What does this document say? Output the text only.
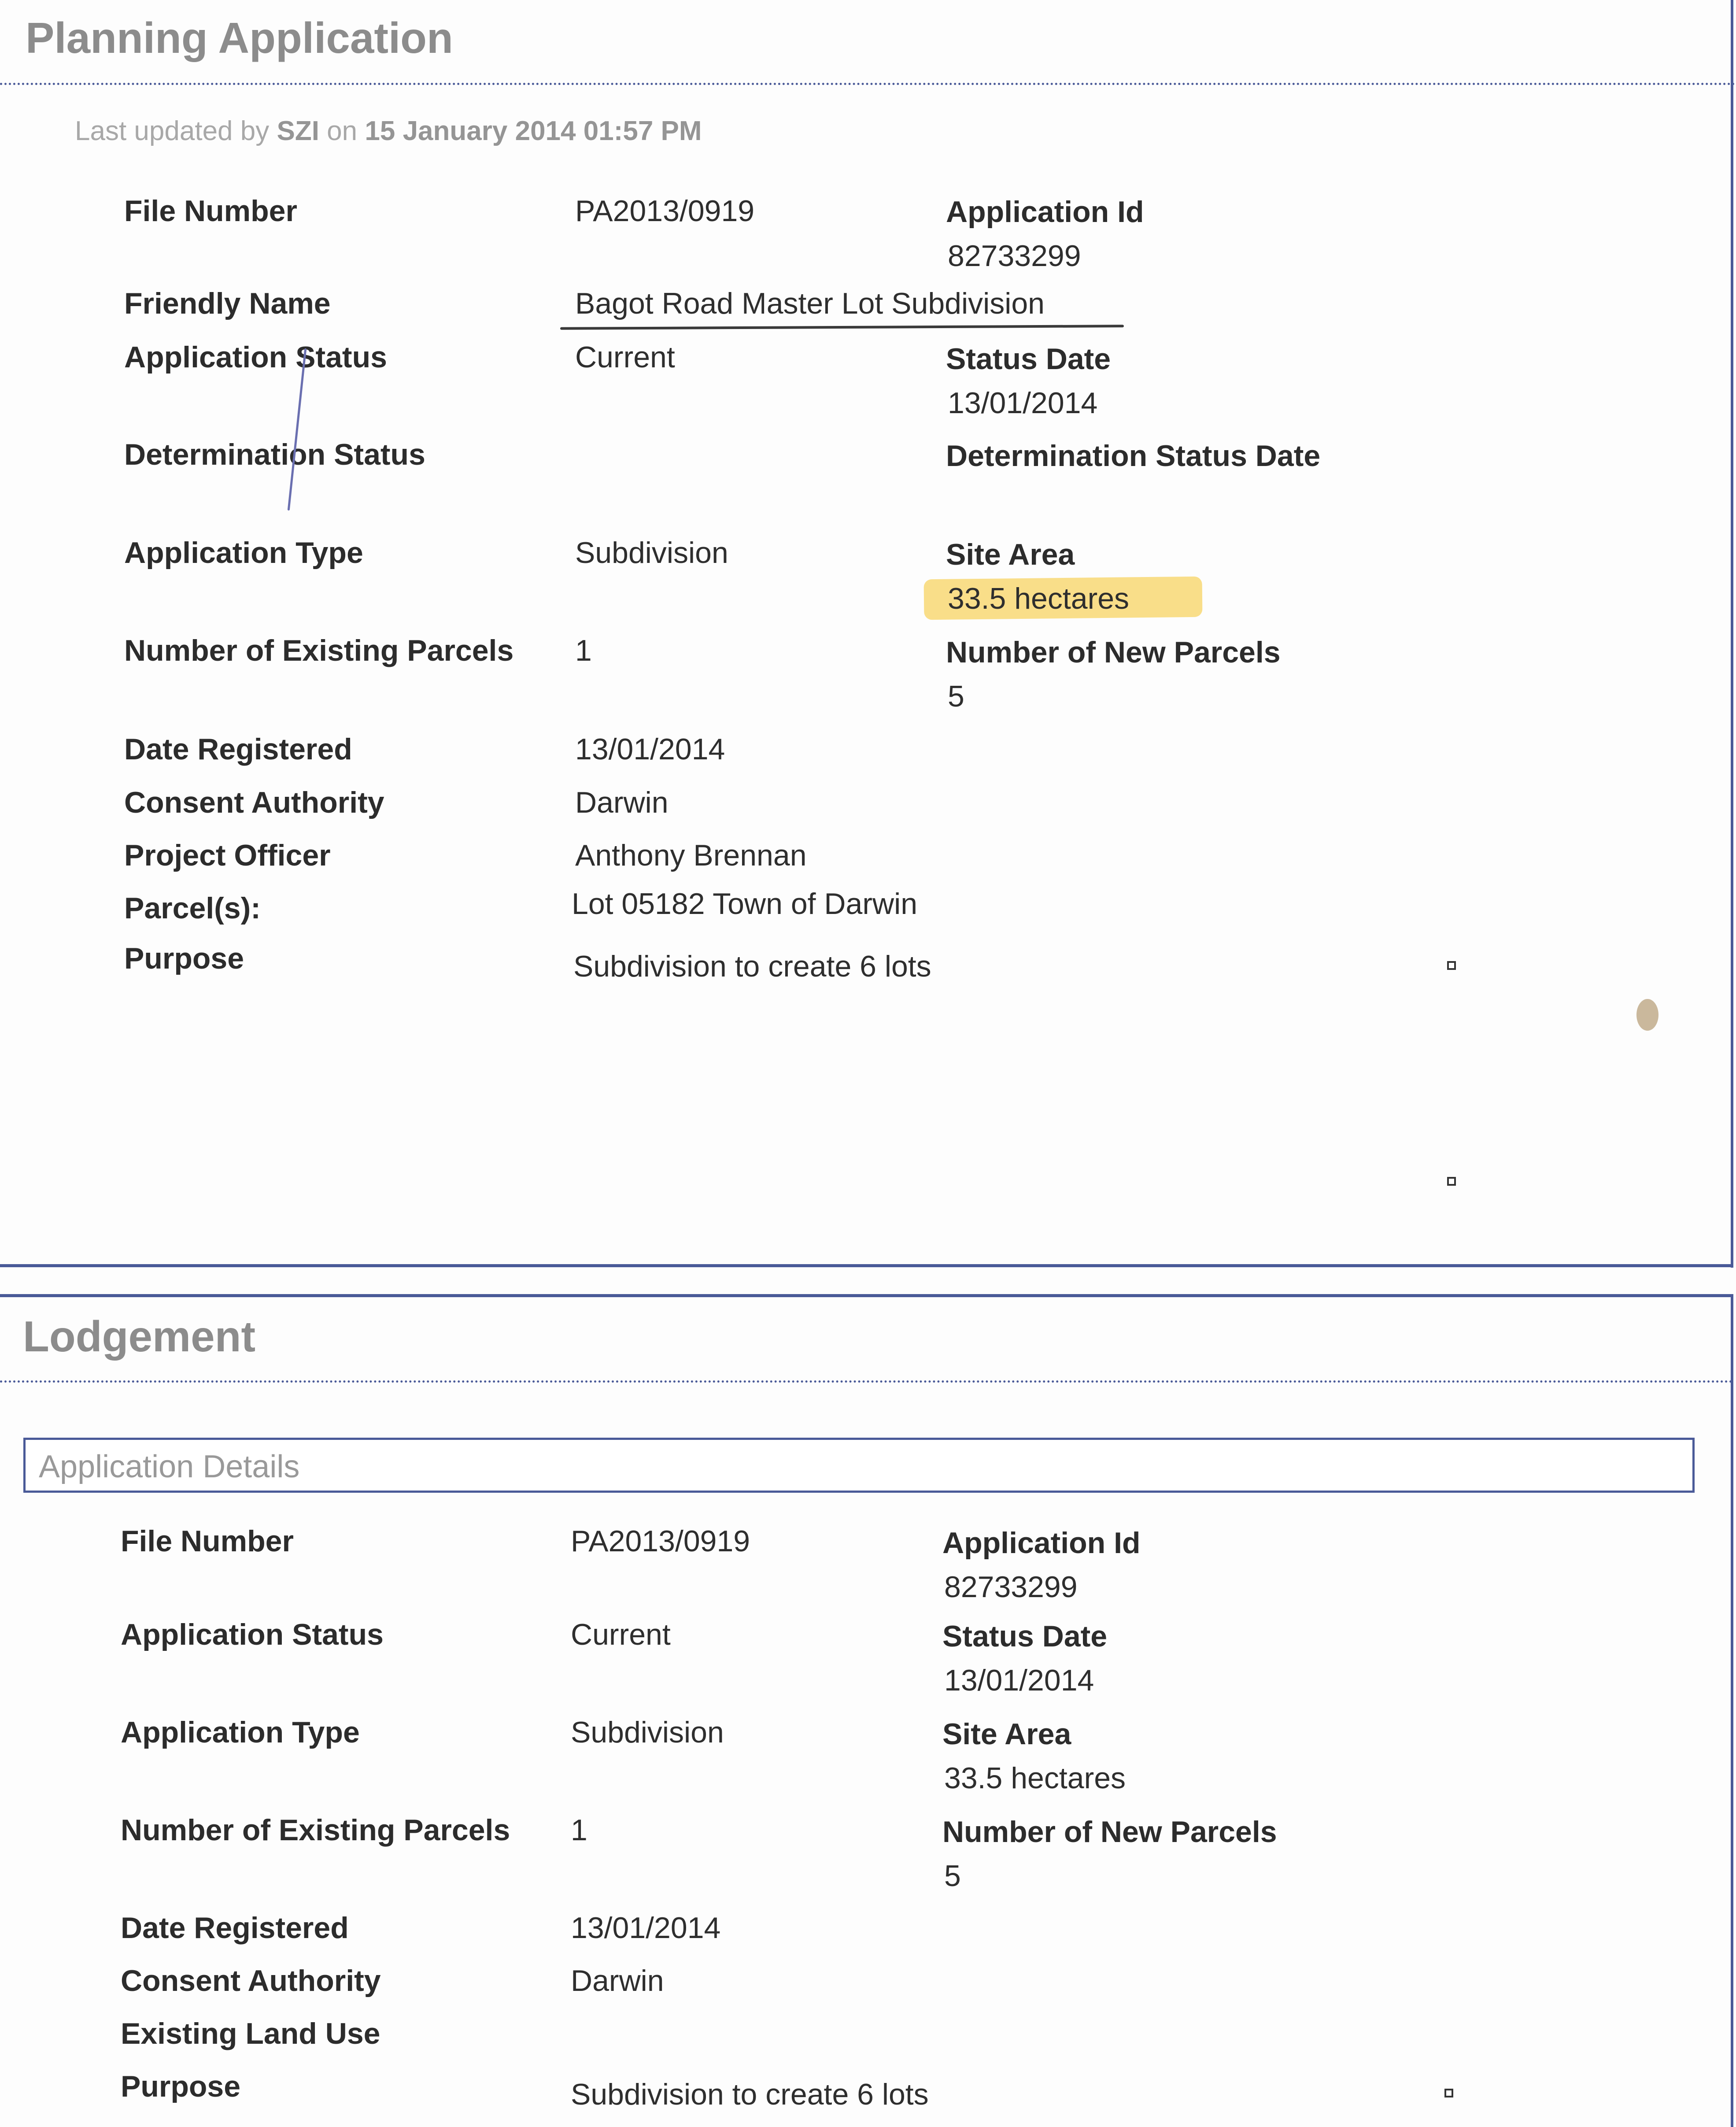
Planning Application
Last updated by SZI on 15 January 2014 01:57 PM
File Number
Friendly Name
Application Status
Determination Status
Application Type
Number of Existing Parcels
Date Registered
Consent Authority
Project Officer
Parcel(s):
Purpose
PA2013/0919
Bagot Road Master Lot Subdivision
Current
Subdivision
1
13/01/2014
Darwin
Anthony Brennan
Lot 05182 Town of Darwin
Subdivision to create 6 lots
Application Id
82733299
Status Date
13/01/2014
Determination Status Date
Site Area
33.5 hectares
Number of New Parcels
5
Lodgement
Application Details
File Number
Application Status
Application Type
Number of Existing Parcels
Date Registered
Consent Authority
Existing Land Use
Purpose
PA2013/0919
Current
Subdivision
1
13/01/2014
Darwin
Subdivision to create 6 lots
Application Id
82733299
Status Date
13/01/2014
Site Area
33.5 hectares
Number of New Parcels
5
